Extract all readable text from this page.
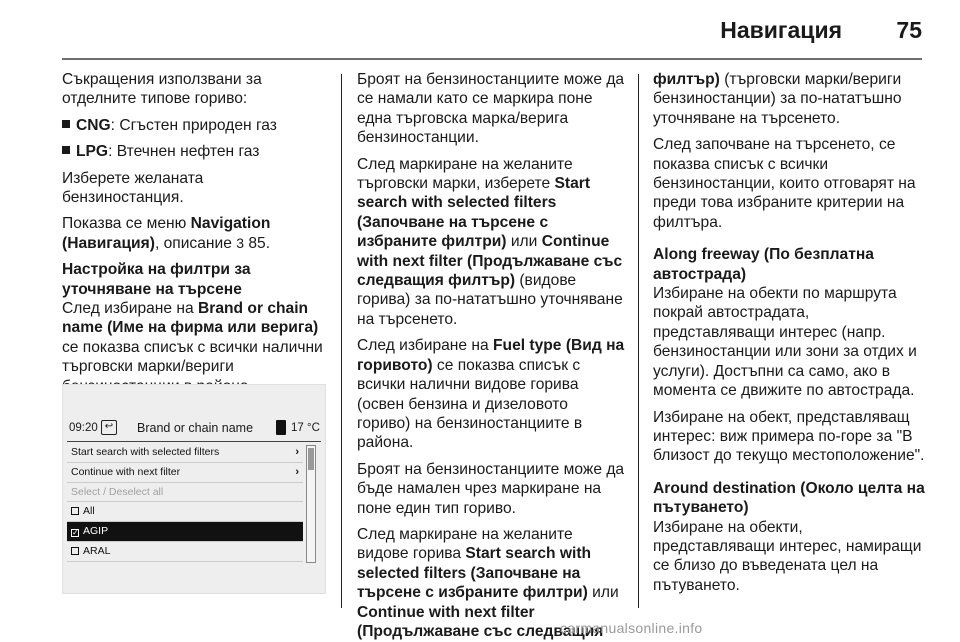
Навигация 75

Съкращения използвани за отделните типове гориво:

CNG: Сгъстен природен газ
LPG: Втечнен нефтен газ

Изберете желаната бензиностанция.

Показва се меню Navigation (Навигация), описание 3 85.

Настройка на филтри за уточняване на търсене

След избиране на Brand or chain name (Име на фирма или верига) се показва списък с всички налични търговски марки/вериги

09:20 ↩	Brand or chain name	17 °C
Start search with selected filters	›
Continue with next filter	›
Select / Deselect all
All
✓ AGIP
ARAL

Броят на бензиностанциите може да се намали като се маркира поне една търговска марка/верига бензиностанции.

След маркиране на желаните търговски марки, изберете Start search with selected filters (Започване на търсене с избраните филтри) или Continue with next filter (Продължаване със следващия филтър) (видове горива) за по-нататъшно уточняване на търсенето.

След избиране на Fuel type (Вид на горивото) се показва списък с всички налични видове горива (освен бензина и дизеловото гориво) на бензиностанциите в района.

Броят на бензиностанциите може да бъде намален чрез маркиране на поне един тип гориво.

След маркиране на желаните видове горива Start search with selected filters (Започване на търсене с избраните филтри) или Continue with next filter (Продължаване със следващия

филтър) (търговски марки/вериги бензиностанции) за по-нататъшно уточняване на търсенето.

След започване на търсенето, се показва списък с всички бензиностанции, които отговарят на преди това избраните критерии на филтъра.

Along freeway (По безплатна автострада)

Избиране на обекти по маршрута покрай автострадата, представляващи интерес (напр. бензиностанции или зони за отдих и услуги). Достъпни са само, ако в момента се движите по автострада.

Избиране на обект, представляващ интерес: виж примера по-горе за "В близост до текущо местоположение".

Around destination (Около целта на пътуването)

Избиране на обекти, представляващи интерес, намиращи се близо до въведената цел на пътуването.

carmanualsonline.info
